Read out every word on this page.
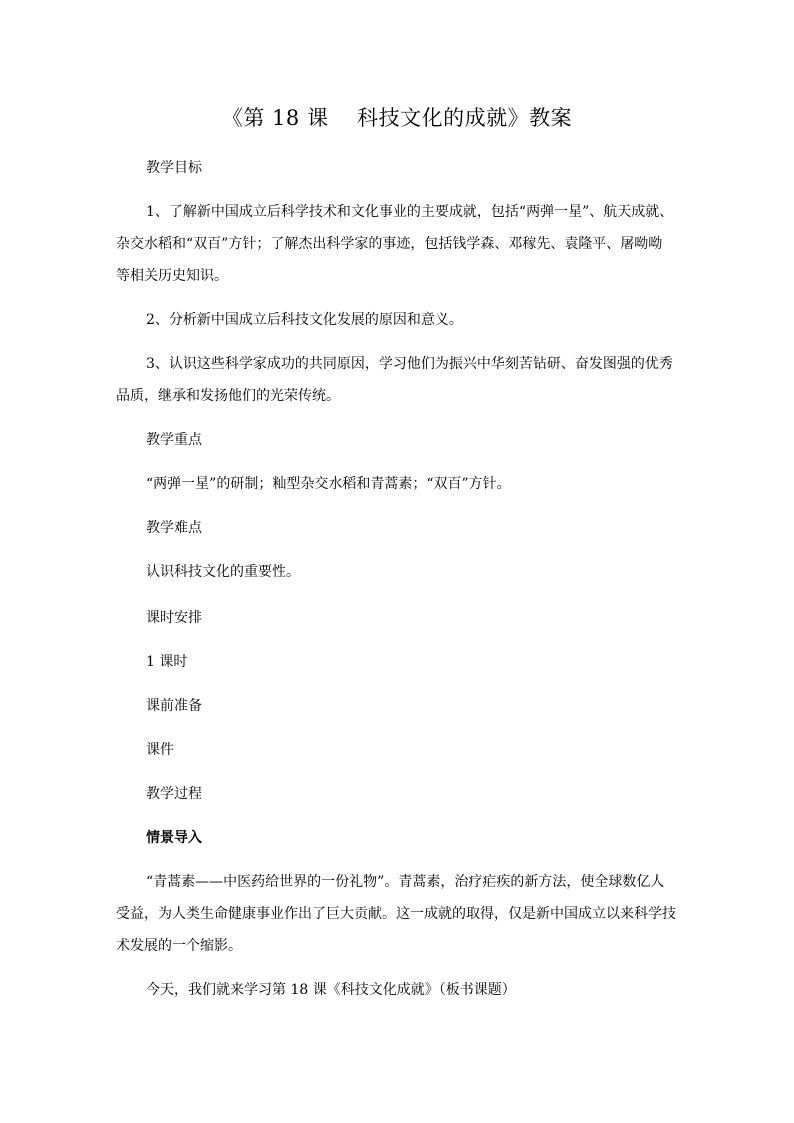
《第 18 课　 科技文化的成就》教案
教学目标
1、了解新中国成立后科学技术和文化事业的主要成就，包括“两弹一星”、航天成就、
杂交水稻和“双百”方针；了解杰出科学家的事迹，包括钱学森、邓稼先、袁隆平、屠呦呦
等相关历史知识。
2、分析新中国成立后科技文化发展的原因和意义。
3、认识这些科学家成功的共同原因，学习他们为振兴中华刻苦钻研、奋发图强的优秀
品质，继承和发扬他们的光荣传统。
教学重点
“两弹一星”的研制；籼型杂交水稻和青蒿素；“双百”方针。
教学难点
认识科技文化的重要性。
课时安排
1 课时
课前准备
课件
教学过程
情景导入
“青蒿素——中医药给世界的一份礼物”。青蒿素，治疗疟疾的新方法，使全球数亿人
受益，为人类生命健康事业作出了巨大贡献。这一成就的取得，仅是新中国成立以来科学技
术发展的一个缩影。
今天，我们就来学习第 18 课《科技文化成就》（板书课题）
